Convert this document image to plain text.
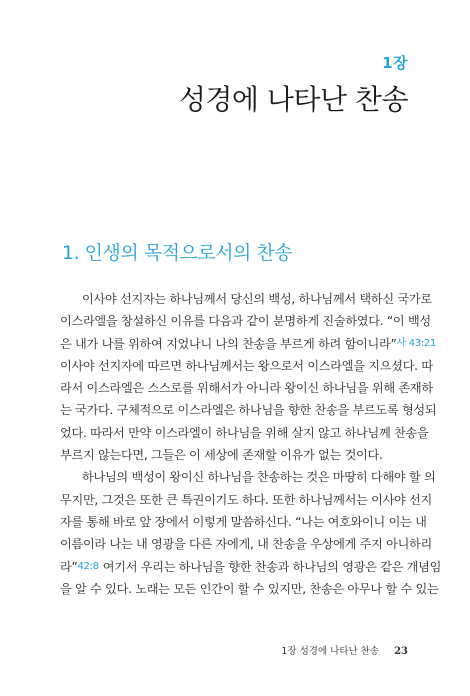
1장
성경에 나타난 찬송
1. 인생의 목적으로서의 찬송
이사야 선지자는 하나님께서 당신의 백성, 하나님께서 택하신 국가로
이스라엘을 창설하신 이유를 다음과 같이 분명하게 진술하였다. “이 백성
은 내가 나를 위하여 지었나니 나의 찬송을 부르게 하려 함이니라” 사 43:21
이사야 선지자에 따르면 하나님께서는 왕으로서 이스라엘을 지으셨다. 따
라서 이스라엘은 스스로를 위해서가 아니라 왕이신 하나님을 위해 존재하
는 국가다. 구체적으로 이스라엘은 하나님을 향한 찬송을 부르도록 형성되
었다. 따라서 만약 이스라엘이 하나님을 위해 살지 않고 하나님께 찬송을
부르지 않는다면, 그들은 이 세상에 존재할 이유가 없는 것이다.
하나님의 백성이 왕이신 하나님을 찬송하는 것은 마땅히 다해야 할 의
무지만, 그것은 또한 큰 특권이기도 하다. 또한 하나님께서는 이사야 선지
자를 통해 바로 앞 장에서 이렇게 말씀하신다. “나는 여호와이니 이는 내
이름이라 나는 내 영광을 다른 자에게, 내 찬송을 우상에게 주지 아니하리
라” 42:8 여기서 우리는 하나님을 향한 찬송과 하나님의 영광은 같은 개념임
을 알 수 있다. 노래는 모든 인간이 할 수 있지만, 찬송은 아무나 할 수 있는
1장 성경에 나타난 찬송 23
